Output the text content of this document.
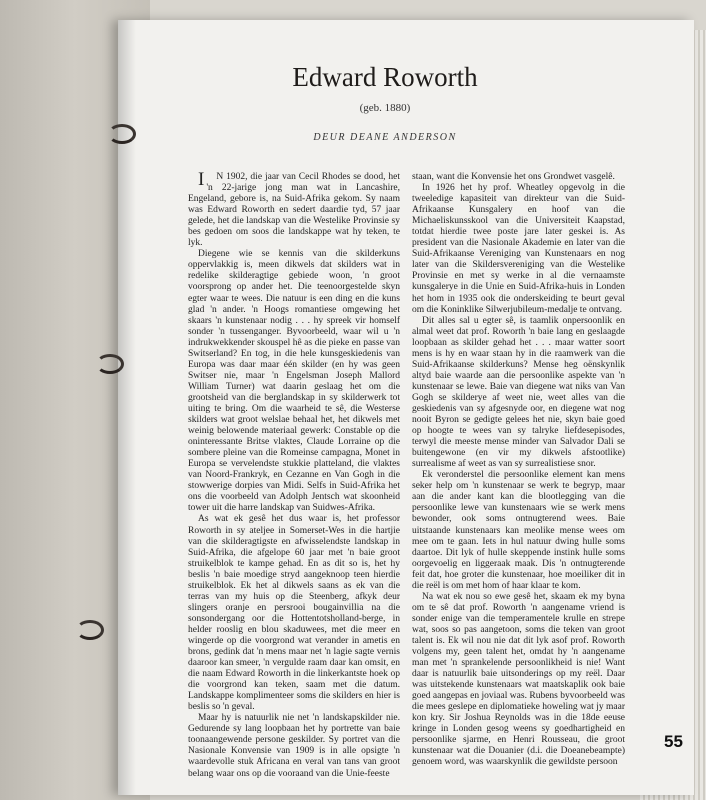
Edward Roworth
(geb. 1880)
DEUR DEANE ANDERSON

IN 1902, die jaar van Cecil Rhodes se dood, het 'n 22-jarige jong man wat in Lancashire, Engeland, gebore is, na Suid-Afrika gekom. Sy naam was Edward Roworth en sedert daardie tyd, 57 jaar gelede, het die landskap van die Westelike Provinsie sy bes gedoen om soos die landskappe wat hy teken, te lyk.

Diegene wie se kennis van die skilderkuns oppervlakkig is, meen dikwels dat skilders wat in redelike skilderagtige gebiede woon, 'n groot voorsprong op ander het. Die teenoorgestelde skyn egter waar te wees. Die natuur is een ding en die kuns glad 'n ander. 'n Hoogs romantiese omgewing het skaars 'n kunstenaar nodig . . . hy spreek vir homself sonder 'n tussenganger. Byvoorbeeld, waar wil u 'n indrukwekkender skouspel hê as die pieke en passe van Switserland? En tog, in die hele kunsgeskiedenis van Europa was daar maar één skilder (en hy was geen Switser nie, maar 'n Engelsman Joseph Mallord William Turner) wat daarin geslaag het om die grootsheid van die berglandskap in sy skilderwerk tot uiting te bring. Om die waarheid te sê, die Westerse skilders wat groot welslae behaal het, het dikwels met weinig belowende materiaal gewerk: Constable op die oninteressante Britse vlaktes, Claude Lorraine op die sombere pleine van die Romeinse campagna, Monet in Europa se vervelendste stukkie platteland, die vlaktes van Noord-Frankryk, en Cezanne en Van Gogh in die stowwerige dorpies van Midi. Selfs in Suid-Afrika het ons die voorbeeld van Adolph Jentsch wat skoonheid tower uit die harre landskap van Suidwes-Afrika.

As wat ek gesê het dus waar is, het professor Roworth in sy ateljee in Somerset-Wes in die hartjie van die skilderagtigste en afwisselendste landskap in Suid-Afrika, die afgelope 60 jaar met 'n baie groot struikelblok te kampe gehad. En as dit so is, het hy beslis 'n baie moedige stryd aangeknoop teen hierdie struikelblok. Ek het al dikwels saans as ek van die terras van my huis op die Steenberg, afkyk deur slingers oranje en persrooi bougainvillia na die sonsondergang oor die Hottentotsholland-berge, in helder rooslig en blou skaduwees, met die meer en wingerde op die voorgrond wat verander in ametis en brons, gedink dat 'n mens maar net 'n lagie sagte vernis daaroor kan smeer, 'n vergulde raam daar kan omsit, en die naam Edward Roworth in die linkerkantste hoek op die voorgrond kan teken, saam met die datum. Landskappe komplimenteer soms die skilders en hier is beslis so 'n geval.

Maar hy is natuurlik nie net 'n landskapskilder nie. Gedurende sy lang loopbaan het hy portrette van baie toonaangewende persone geskilder. Sy portret van die Nasionale Konvensie van 1909 is in alle opsigte 'n waardevolle stuk Africana en veral van tans van groot belang waar ons op die vooraand van die Unie-feeste

staan, want die Konvensie het ons Grondwet vasgelê.

In 1926 het hy prof. Wheatley opgevolg in die tweeledige kapasiteit van direkteur van die Suid-Afrikaanse Kunsgalery en hoof van die Michaeliskunsskool van die Universiteit Kaapstad, totdat hierdie twee poste jare later geskei is. As president van die Nasionale Akademie en later van die Suid-Afrikaanse Vereniging van Kunstenaars en nog later van die Skildersvereniging van die Westelike Provinsie en met sy werke in al die vernaamste kunsgalerye in die Unie en Suid-Afrika-huis in Londen het hom in 1935 ook die onderskeiding te beurt geval om die Koninklike Silwerjubileum-medalje te ontvang.

Dit alles sal u egter sê, is taamlik onpersoonlik en almal weet dat prof. Roworth 'n baie lang en geslaagde loopbaan as skilder gehad het . . . maar watter soort mens is hy en waar staan hy in die raamwerk van die Suid-Afrikaanse skilderkuns? Mense heg oënskynlik altyd baie waarde aan die persoonlike aspekte van 'n kunstenaar se lewe. Baie van diegene wat niks van Van Gogh se skilderye af weet nie, weet alles van die geskiedenis van sy afgesnyde oor, en diegene wat nog nooit Byron se gedigte gelees het nie, skyn baie goed op hoogte te wees van sy talryke liefdesepisodes, terwyl die meeste mense minder van Salvador Dali se buitengewone (en vir my dikwels afstootlike) surrealisme af weet as van sy surrealistiese snor.

Ek veronderstel die persoonlike element kan mens seker help om 'n kunstenaar se werk te begryp, maar aan die ander kant kan die blootlegging van die persoonlike lewe van kunstenaars wie se werk mens bewonder, ook soms ontnugterend wees. Baie uitstaande kunstenaars kan meolike mense wees om mee om te gaan. Iets in hul natuur dwing hulle soms daartoe. Dit lyk of hulle skeppende instink hulle soms oorgevoelig en liggeraak maak. Dis 'n ontnugterende feit dat, hoe groter die kunstenaar, hoe moeiliker dit in die reël is om met hom of haar klaar te kom.

Na wat ek nou so ewe gesê het, skaam ek my byna om te sê dat prof. Roworth 'n aangename vriend is sonder enige van die temperamentele krulle en strepe wat, soos so pas aangetoon, soms die teken van groot talent is. Ek wil nou nie dat dit lyk asof prof. Roworth volgens my, geen talent het, omdat hy 'n aangename man met 'n sprankelende persoonlikheid is nie! Want daar is natuurlik baie uitsonderings op my reël. Daar was uitstekende kunstenaars wat maatskaplik ook baie goed aangepas en joviaal was. Rubens byvoorbeeld was die mees geslepe en diplomatieke howeling wat jy maar kon kry. Sir Joshua Reynolds was in die 18de eeuse kringe in Londen gesog weens sy goedhartigheid en persoonlike sjarme, en Henri Rousseau, die groot kunstenaar wat die Douanier (d.i. die Doeanebeampte) genoem word, was waarskynlik die gewildste persoon

55
